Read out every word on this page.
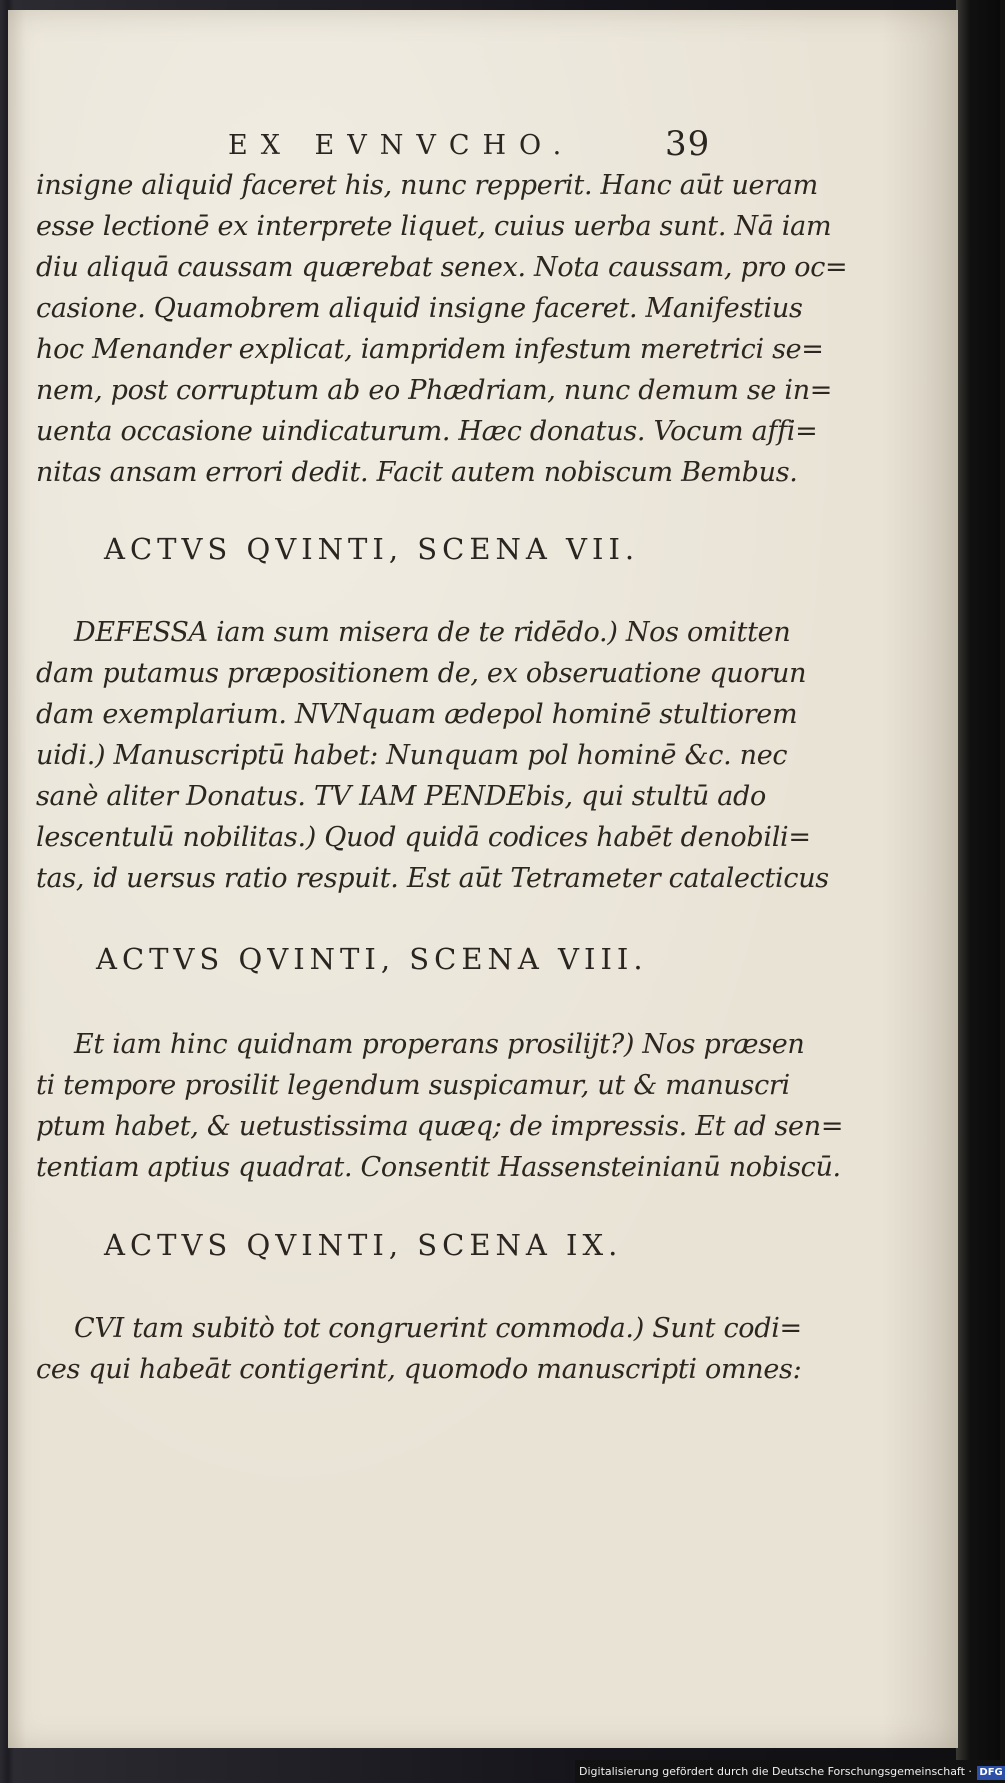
EX EVNVCHO.	39
insigne aliquid faceret his, nunc repperit. Hanc aūt ueram
esse lectionē ex interprete liquet, cuius uerba sunt. Nā iam
diu aliquā caussam quærebat senex. Nota caussam, pro oc=
casione. Quamobrem aliquid insigne faceret. Manifestius
hoc Menander explicat, iampridem infestum meretrici se=
nem, post corruptum ab eo Phædriam, nunc demum se in=
uenta occasione uindicaturum. Hæc donatus. Vocum affi=
nitas ansam errori dedit. Facit autem nobiscum Bembus.
ACTVS QVINTI, SCENA VII.
DEFESSA iam sum misera de te ridēdo.) Nos omitten
dam putamus præpositionem de, ex obseruatione quorun
dam exemplarium. NVNquam ædepol hominē stultiorem
uidi.) Manuscriptū habet: Nunquam pol hominē &c. nec
sanè aliter Donatus. TV IAM PENDEbis, qui stultū ado
lescentulū nobilitas.) Quod quidā codices habēt denobili=
tas, id uersus ratio respuit. Est aūt Tetrameter catalecticus
ACTVS QVINTI, SCENA VIII.
Et iam hinc quidnam properans prosilijt?) Nos præsen
ti tempore prosilit legendum suspicamur, ut & manuscri
ptum habet, & uetustissima quæq; de impressis. Et ad sen=
tentiam aptius quadrat. Consentit Hassensteinianū nobiscū.
ACTVS QVINTI, SCENA IX.
CVI tam subitò tot congruerint commoda.) Sunt codi=
ces qui habeāt contigerint, quomodo manuscripti omnes:
Digitalisierung gefördert durch die Deutsche Forschungsgemeinschaft · DFG
